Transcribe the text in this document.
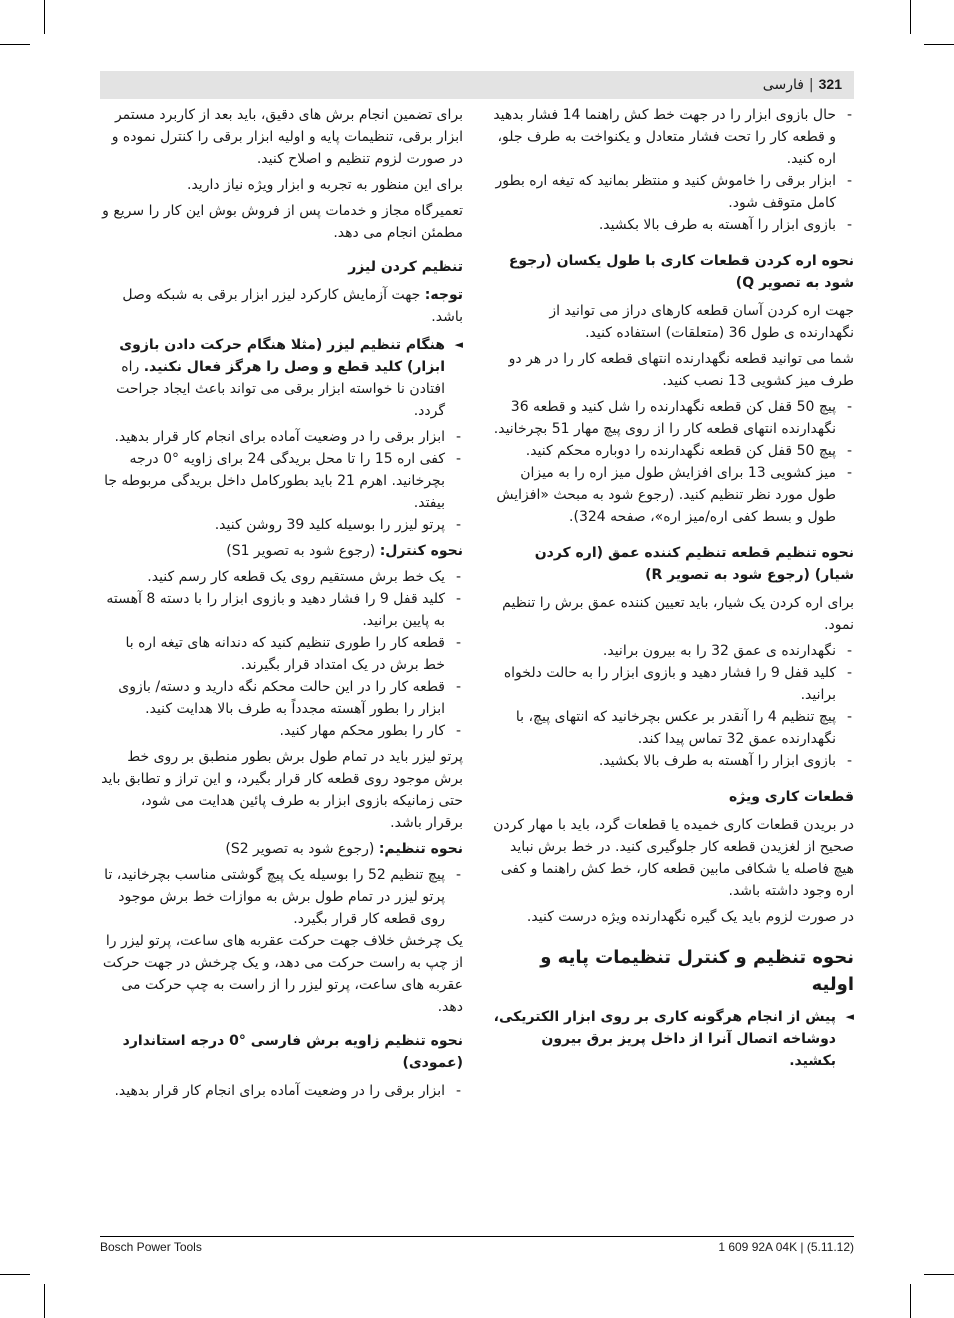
321|فارسی
-
حال بازوی ابزار را در جهت خط کش راهنما 14 فشار بدهید و قطعه کار را تحت فشار متعادل و یکنواخت به طرف جلو، اره کنید.
-
ابزار برقی را خاموش کنید و منتظر بمانید که تیغه اره بطور کامل متوقف شود.
-
بازوی ابزار را آهسته به طرف بالا بکشید.
نحوه اره کردن قطعات کاری با طول یکسان (رجوع شود به تصویر Q)
جهت اره کردن آسان قطعه کارهای دراز می توانید از نگهدارنده ی طول 36 (متعلقات) استفاده کنید.
شما می توانید قطعه نگهدارنده انتهای قطعه کار را در هر دو طرف میز کشویی 13 نصب کنید.
-
پیچ 50 قفل کن قطعه نگهدارنده را شل کنید و قطعه 36 نگهدارنده انتهای قطعه کار را از روی پیچ مهار 51 بچرخانید.
-
پیچ 50 قفل کن قطعه نگهدارنده را دوباره محکم کنید.
-
میز کشویی 13 برای افزایش طول میز اره را به میزان طول مورد نظر تنظیم کنید. (رجوع شود به مبحث «افزایش طول و بسط کفی اره/میز اره»، صفحه 324).
نحوه تنظیم قطعه تنظیم کننده عمق (اره کردن شیار) (رجوع شود به تصویر R)
برای اره کردن یک شیار، باید تعیین کننده عمق برش را تنظیم نمود.
-
نگهدارنده ی عمق 32 را به بیرون برانید.
-
کلید قفل 9 را فشار دهید و بازوی ابزار را به حالت دلخواه برانید.
-
پیچ تنظیم 4 را آنقدر بر عکس بچرخانید که انتهای پیچ، با نگهدارنده عمق 32 تماس پیدا کند.
-
بازوی ابزار را آهسته به طرف بالا بکشید.
قطعات کاری ویژه
در بریدن قطعات کاری خمیده یا قطعات گرد، باید با مهار کردن صحیح از لغزیدن قطعه کار جلوگیری کنید. در خط برش نباید هیچ فاصله یا شکافی مابین قطعه کار، خط کش راهنما و کفی اره وجود داشته باشد.
در صورت لزوم باید یک گیره نگهدارنده ویژه درست کنید.
نحوه تنظیم و کنترل تنظیمات پایه و اولیه
◄
پیش از انجام هرگونه کاری بر روی ابزار الکتریکی، دوشاخه اتصال آنرا از داخل پریز برق بیرون بکشید.
برای تضمین انجام برش های دقیق، باید بعد از کاربرد مستمر ابزار برقی، تنظیمات پایه و اولیه ابزار برقی را کنترل نموده و در صورت لزوم تنظیم و اصلاح کنید.
برای این منظور به تجربه و ابزار ویژه نیاز دارید.
تعمیرگاه مجاز و خدمات پس از فروش بوش این کار را سریع و مطمئن انجام می دهد.
تنظیم کردن لیزر
توجه: جهت آزمایش کارکرد لیزر ابزار برقی به شبکه وصل باشد.
◄
هنگام تنظیم لیزر (مثلا هنگام حرکت دادن بازوی ابزار) کلید قطع و وصل را هرگز فعال نکنید. راه افتادن نا خواسته ابزار برقی می تواند باعث ایجاد جراحت گردد.
-
ابزار برقی را در وضعیت آماده برای انجام کار قرار بدهید.
-
کفی اره 15 را تا محل بریدگی 24 برای زاویه °0 درجه بچرخانید. اهرم 21 باید بطورکامل داخل بریدگی مربوطه جا بیفتد.
-
پرتو لیزر را بوسیله کلید 39 روشن کنید.
نحوه کنترل: (رجوع شود به تصویر S1)
-
یک خط برش مستقیم روی یک قطعه کار رسم کنید.
-
کلید قفل 9 را فشار دهید و بازوی ابزار را با دسته 8 آهسته به پایین برانید.
-
قطعه کار را طوری تنظیم کنید که دندانه های تیغه اره با خط برش در یک امتداد قرار بگیرند.
-
قطعه کار را در این حالت محکم نگه دارید و دسته/ بازوی ابزار را بطور آهسته مجدداً به طرف بالا هدایت کنید.
-
کار را بطور محکم مهار کنید.
پرتو لیزر باید در تمام طول برش بطور منطبق بر روی خط برش موجود روی قطعه کار قرار بگیرد، و این تراز و تطابق باید حتی زمانیکه بازوی ابزار به طرف پائین هدایت می شود، برقرار باشد.
نحوه تنظیم: (رجوع شود به تصویر S2)
-
پیچ تنظیم 52 را بوسیله یک پیچ گوشتی مناسب بچرخانید، تا پرتو لیزر در تمام طول برش به موازات خط برش موجود روی قطعه کار قرار بگیرد.
یک چرخش خلاف جهت حرکت عقربه های ساعت، پرتو لیزر را از چپ به راست حرکت می دهد، و یک چرخش در جهت حرکت عقربه های ساعت، پرتو لیزر را از راست به چپ حرکت می دهد.
نحوه تنظیم زاویه برش فارسی °0 درجه استاندارد (عمودی)
-
ابزار برقی را در وضعیت آماده برای انجام کار قرار بدهید.
Bosch Power Tools	1 609 92A 04K | (5.11.12)
